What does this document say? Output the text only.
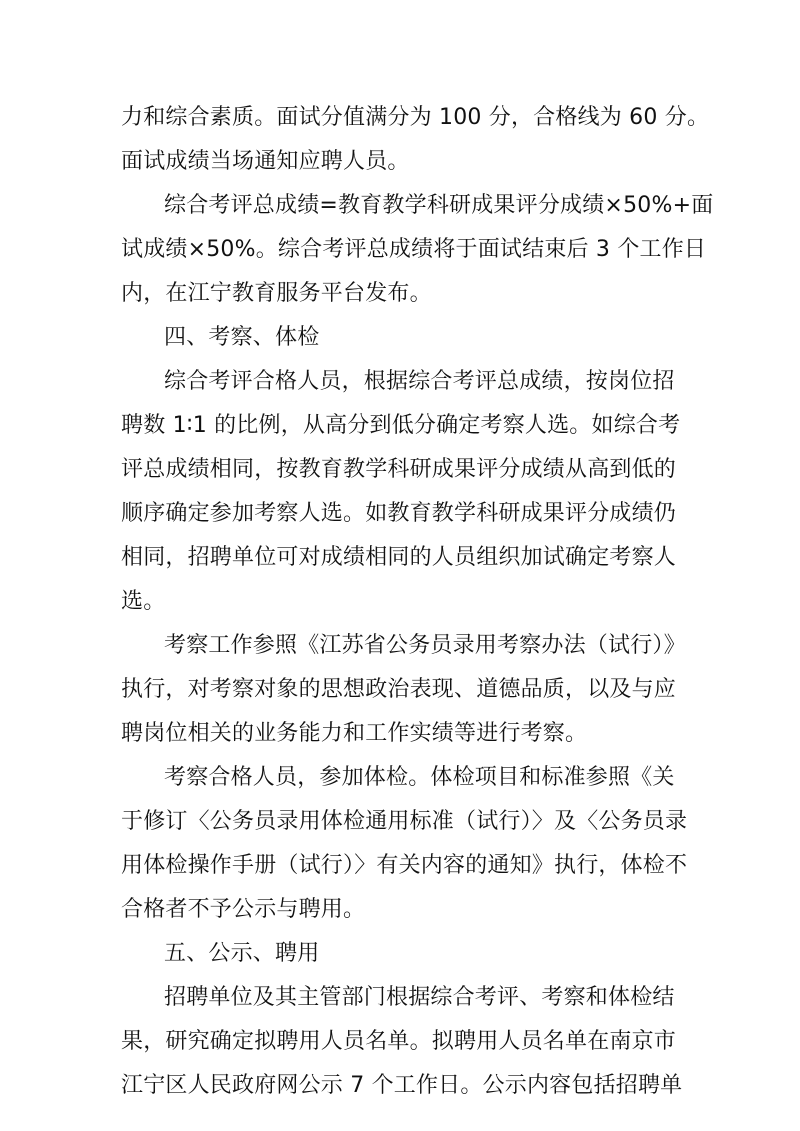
力和综合素质。面试分值满分为 100 分，合格线为 60 分。
面试成绩当场通知应聘人员。
综合考评总成绩=教育教学科研成果评分成绩×50%+面
试成绩×50%。综合考评总成绩将于面试结束后 3 个工作日
内，在江宁教育服务平台发布。
四、考察、体检
综合考评合格人员，根据综合考评总成绩，按岗位招
聘数 1∶1 的比例，从高分到低分确定考察人选。如综合考
评总成绩相同，按教育教学科研成果评分成绩从高到低的
顺序确定参加考察人选。如教育教学科研成果评分成绩仍
相同，招聘单位可对成绩相同的人员组织加试确定考察人
选。
考察工作参照《江苏省公务员录用考察办法（试行）》
执行，对考察对象的思想政治表现、道德品质，以及与应
聘岗位相关的业务能力和工作实绩等进行考察。
考察合格人员，参加体检。体检项目和标准参照《关
于修订〈公务员录用体检通用标准（试行）〉及〈公务员录
用体检操作手册（试行）〉有关内容的通知》执行，体检不
合格者不予公示与聘用。
五、公示、聘用
招聘单位及其主管部门根据综合考评、考察和体检结
果，研究确定拟聘用人员名单。拟聘用人员名单在南京市
江宁区人民政府网公示 7 个工作日。公示内容包括招聘单
